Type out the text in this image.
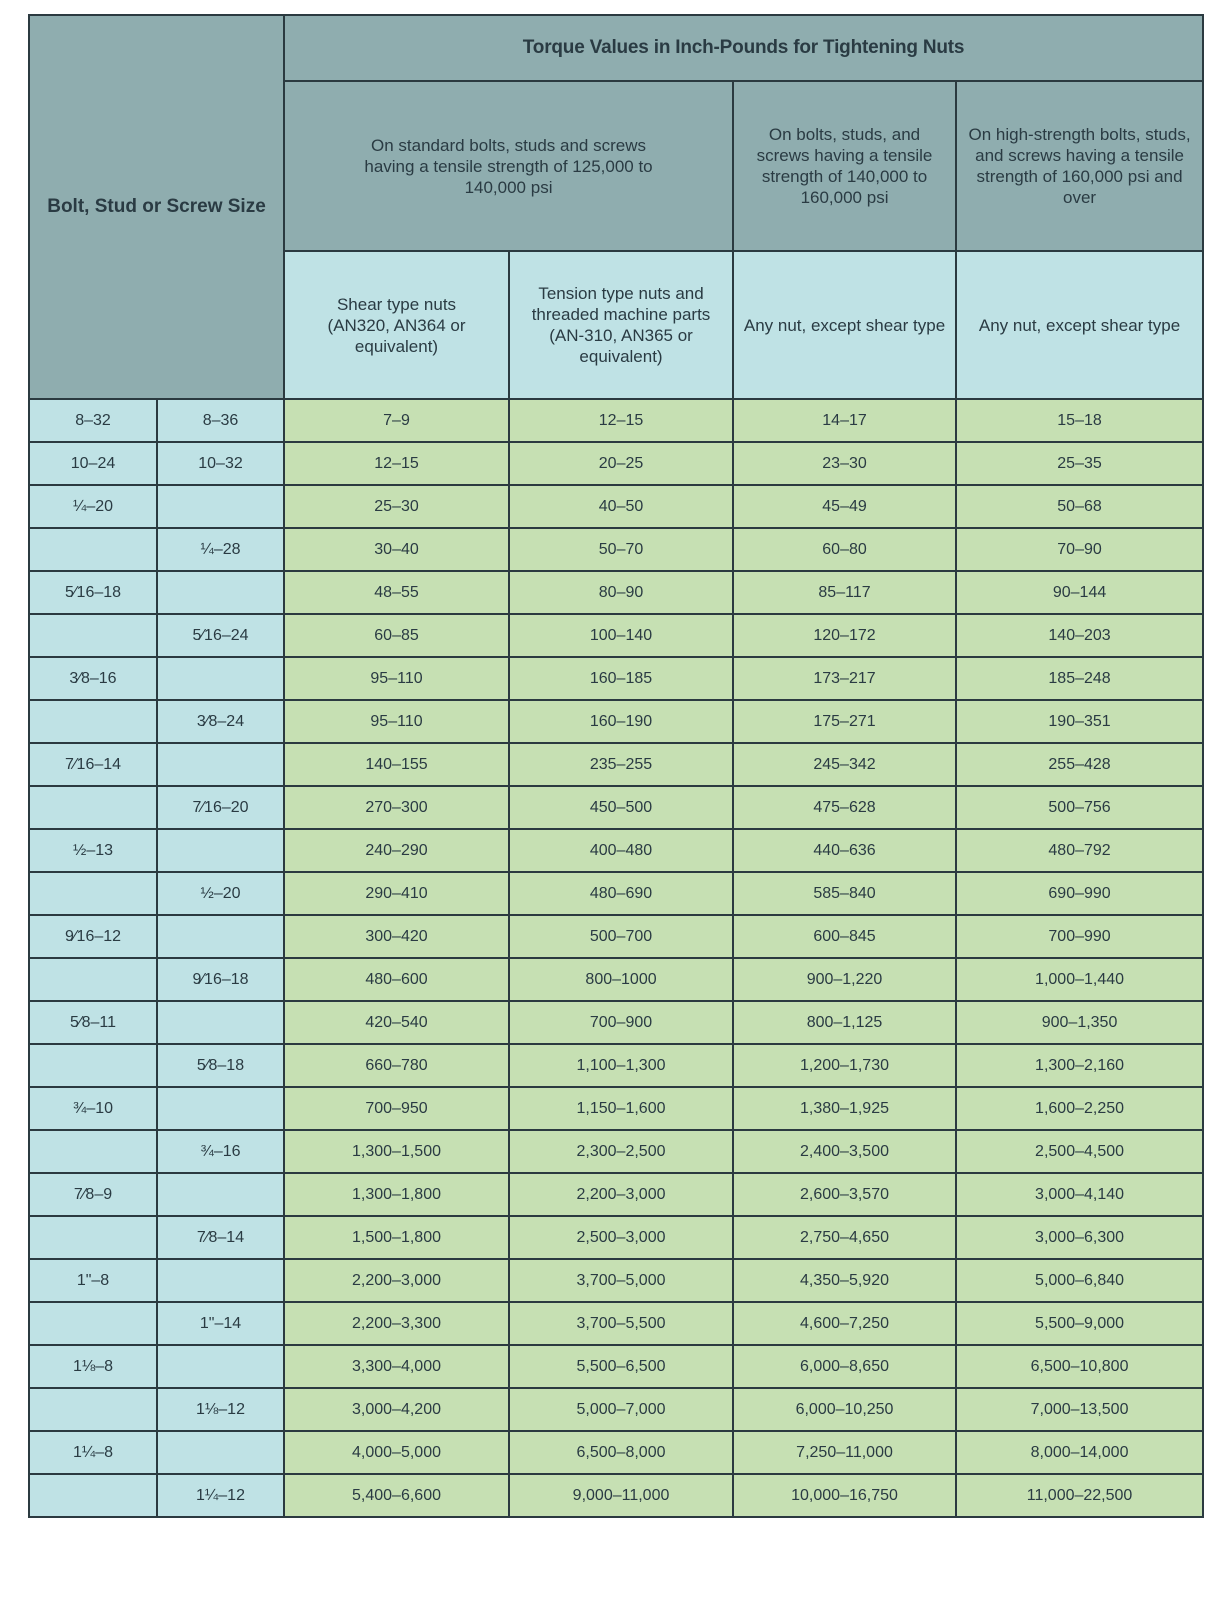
Bolt, Stud or Screw Size		Torque Values in Inch-Pounds for Tightening Nuts			
		On standard bolts, studs and screws having a tensile strength of 125,000 to 140,000 psi		On bolts, studs, and screws having a tensile strength of 140,000 to 160,000 psi	On high-strength bolts, studs, and screws having a tensile strength of 160,000 psi and over
		Shear type nuts (AN320, AN364 or equivalent)	Tension type nuts and threaded machine parts (AN-310, AN365 or equivalent)	Any nut, except shear type	Any nut, except shear type
8–32	8–36	7–9	12–15	14–17	15–18
10–24	10–32	12–15	20–25	23–30	25–35
¼–20		25–30	40–50	45–49	50–68
	¼–28	30–40	50–70	60–80	70–90
5⁄16–18		48–55	80–90	85–117	90–144
	5⁄16–24	60–85	100–140	120–172	140–203
3⁄8–16		95–110	160–185	173–217	185–248
	3⁄8–24	95–110	160–190	175–271	190–351
7⁄16–14		140–155	235–255	245–342	255–428
	7⁄16–20	270–300	450–500	475–628	500–756
½–13		240–290	400–480	440–636	480–792
	½–20	290–410	480–690	585–840	690–990
9⁄16–12		300–420	500–700	600–845	700–990
	9⁄16–18	480–600	800–1000	900–1,220	1,000–1,440
5⁄8–11		420–540	700–900	800–1,125	900–1,350
	5⁄8–18	660–780	1,100–1,300	1,200–1,730	1,300–2,160
¾–10		700–950	1,150–1,600	1,380–1,925	1,600–2,250
	¾–16	1,300–1,500	2,300–2,500	2,400–3,500	2,500–4,500
7⁄8–9		1,300–1,800	2,200–3,000	2,600–3,570	3,000–4,140
	7⁄8–14	1,500–1,800	2,500–3,000	2,750–4,650	3,000–6,300
1"–8		2,200–3,000	3,700–5,000	4,350–5,920	5,000–6,840
	1"–14	2,200–3,300	3,700–5,500	4,600–7,250	5,500–9,000
1⅛–8		3,300–4,000	5,500–6,500	6,000–8,650	6,500–10,800
	1⅛–12	3,000–4,200	5,000–7,000	6,000–10,250	7,000–13,500
1¼–8		4,000–5,000	6,500–8,000	7,250–11,000	8,000–14,000
	1¼–12	5,400–6,600	9,000–11,000	10,000–16,750	11,000–22,500
